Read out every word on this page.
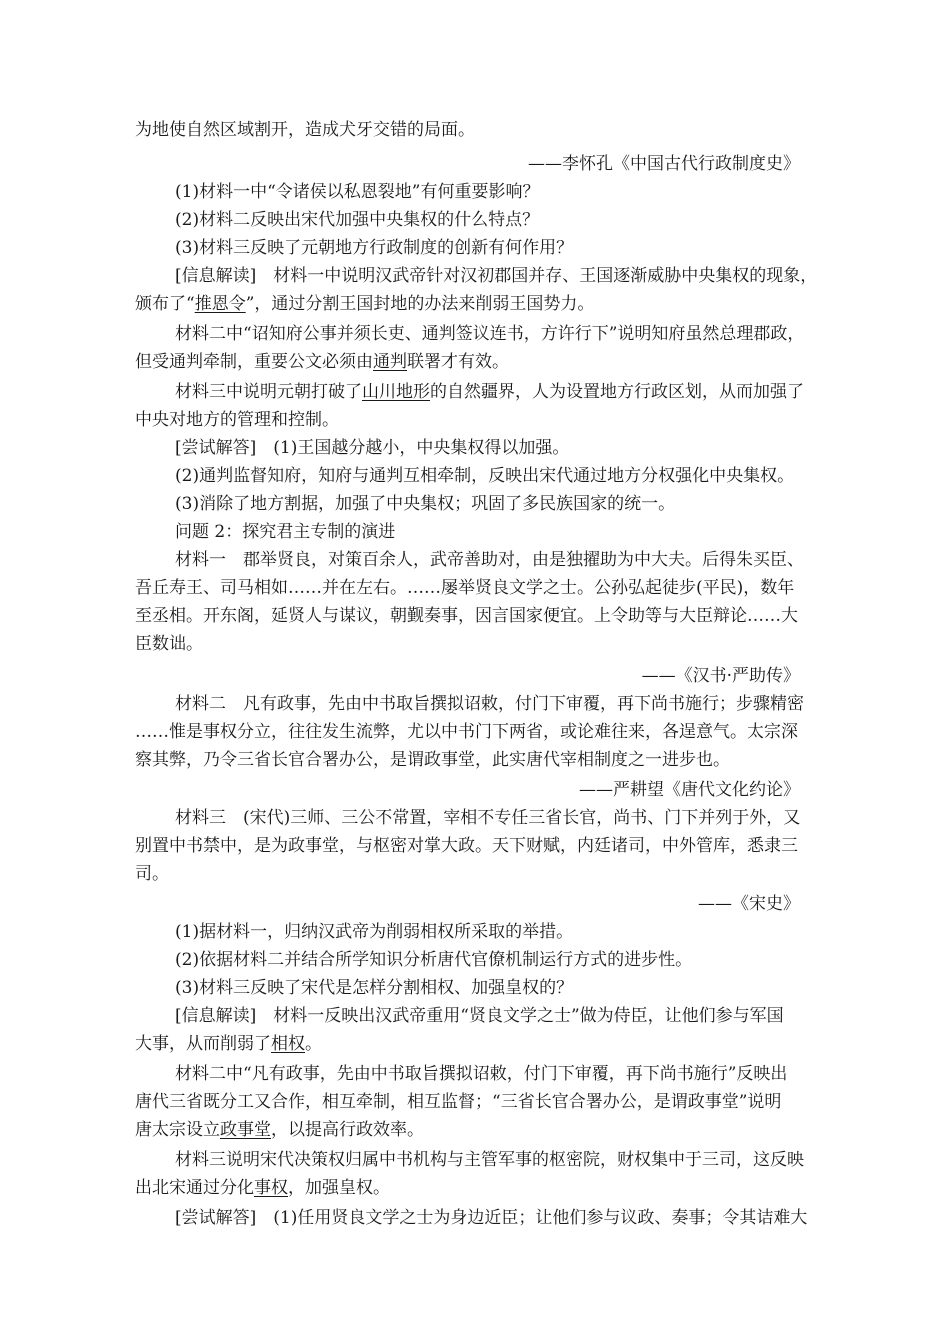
为地使自然区域割开，造成犬牙交错的局面。
——李怀孔《中国古代行政制度史》
(1)材料一中“令诸侯以私恩裂地”有何重要影响？
(2)材料二反映出宋代加强中央集权的什么特点？
(3)材料三反映了元朝地方行政制度的创新有何作用？
[信息解读]　材料一中说明汉武帝针对汉初郡国并存、王国逐渐威胁中央集权的现象，
颁布了“推恩令”，通过分割王国封地的办法来削弱王国势力。
材料二中“诏知府公事并须长吏、通判签议连书，方许行下”说明知府虽然总理郡政，
但受通判牵制，重要公文必须由通判联署才有效。
材料三中说明元朝打破了山川地形的自然疆界，人为设置地方行政区划，从而加强了
中央对地方的管理和控制。
[尝试解答]　(1)王国越分越小，中央集权得以加强。
(2)通判监督知府，知府与通判互相牵制，反映出宋代通过地方分权强化中央集权。
(3)消除了地方割据，加强了中央集权；巩固了多民族国家的统一。
问题 2：探究君主专制的演进
材料一　郡举贤良，对策百余人，武帝善助对，由是独擢助为中大夫。后得朱买臣、
吾丘寿王、司马相如……并在左右。……屡举贤良文学之士。公孙弘起徒步(平民)，数年
至丞相。开东阁，延贤人与谋议，朝觐奏事，因言国家便宜。上令助等与大臣辩论……大
臣数诎。
——《汉书·严助传》
材料二　凡有政事，先由中书取旨撰拟诏敕，付门下审覆，再下尚书施行；步骤精密
……惟是事权分立，往往发生流弊，尤以中书门下两省，或论难往来，各逞意气。太宗深
察其弊，乃令三省长官合署办公，是谓政事堂，此实唐代宰相制度之一进步也。
——严耕望《唐代文化约论》
材料三　(宋代)三师、三公不常置，宰相不专任三省长官，尚书、门下并列于外，又
别置中书禁中，是为政事堂，与枢密对掌大政。天下财赋，内廷诸司，中外管库，悉隶三
司。
——《宋史》
(1)据材料一，归纳汉武帝为削弱相权所采取的举措。
(2)依据材料二并结合所学知识分析唐代官僚机制运行方式的进步性。
(3)材料三反映了宋代是怎样分割相权、加强皇权的？
[信息解读]　材料一反映出汉武帝重用“贤良文学之士”做为侍臣，让他们参与军国
大事，从而削弱了相权。
材料二中“凡有政事，先由中书取旨撰拟诏敕，付门下审覆，再下尚书施行”反映出
唐代三省既分工又合作，相互牵制，相互监督；“三省长官合署办公，是谓政事堂”说明
唐太宗设立政事堂，以提高行政效率。
材料三说明宋代决策权归属中书机构与主管军事的枢密院，财权集中于三司，这反映
出北宋通过分化事权，加强皇权。
[尝试解答]　(1)任用贤良文学之士为身边近臣；让他们参与议政、奏事；令其诘难大
